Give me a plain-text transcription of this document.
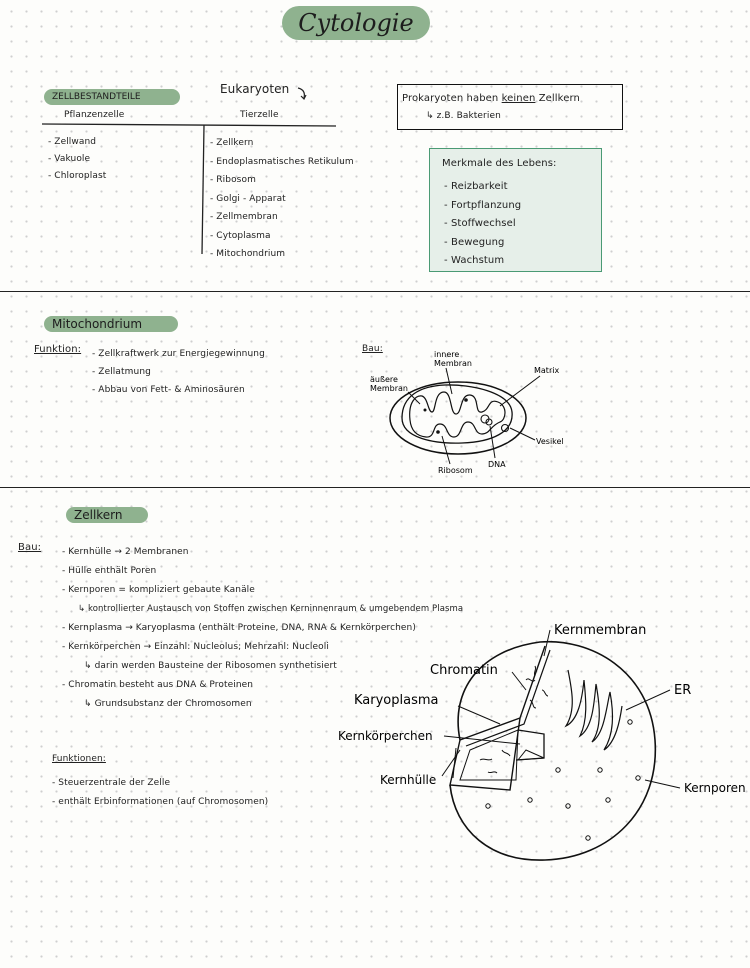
Cytologie
Eukaryoten
ZELLBESTANDTEILE
Pflanzenzelle	Tierzelle
- Zellwand
- Vakuole
- Chloroplast
- Zellkern
- Endoplasmatisches Retikulum
- Ribosom
- Golgi - Apparat
- Zellmembran
- Cytoplasma
- Mitochondrium
Prokaryoten haben keinen Zellkern
↳ z.B. Bakterien
Merkmale des Lebens:
- Reizbarkeit
- Fortpflanzung
- Stoffwechsel
- Bewegung
- Wachstum
Mitochondrium
Funktion: - Zellkraftwerk zur Energiegewinnung
- Zellatmung
- Abbau von Fett- & Aminosäuren
Bau:
innere
Membran
äußere
Membran
Matrix
Vesikel
DNA
Ribosom
Zellkern
Bau: - Kernhülle → 2 Membranen
- Hülle enthält Poren
- Kernporen = kompliziert gebaute Kanäle
↳ kontrollierter Austausch von Stoffen zwischen Kerninnenraum & umgebendem Plasma
- Kernplasma → Karyoplasma (enthält Proteine, DNA, RNA & Kernkörperchen)
- Kernkörperchen → Einzahl: Nucleolus; Mehrzahl: Nucleoli
↳ darin werden Bausteine der Ribosomen synthetisiert
- Chromatin besteht aus DNA & Proteinen
↳ Grundsubstanz der Chromosomen
Funktionen:
- Steuerzentrale der Zelle
- enthält Erbinformationen (auf Chromosomen)
Kernmembran
Chromatin
ER
Karyoplasma
Kernkörperchen
Kernhülle
Kernporen
